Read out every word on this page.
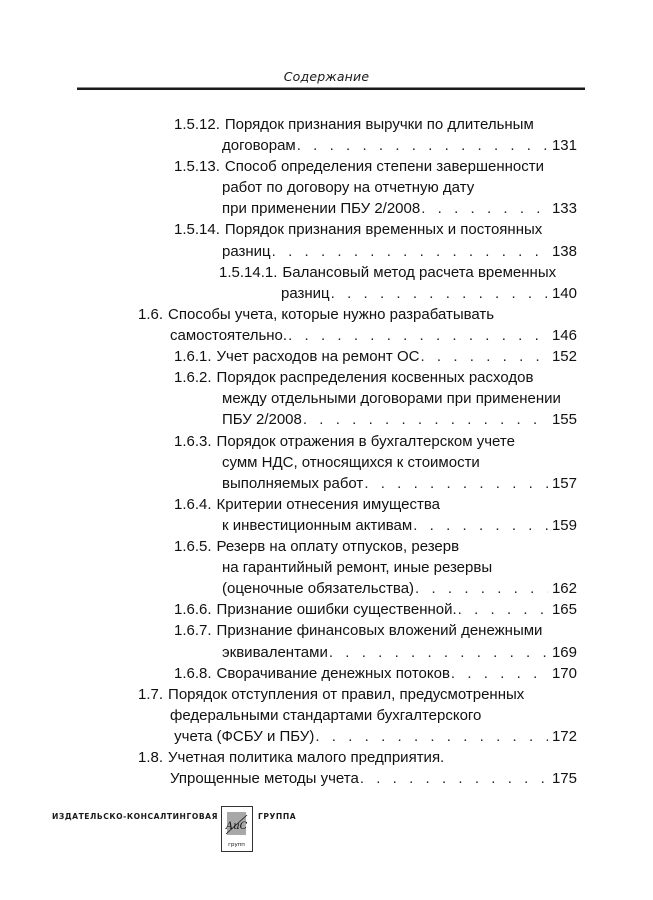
Содержание
1.5.12. Порядок признания выручки по длительным
договорам . . .	131
1.5.13. Способ определения степени завершенности
работ по договору на отчетную дату
при применении ПБУ 2/2008 . . .	133
1.5.14. Порядок признания временных и постоянных
разниц . . .	138
1.5.14.1. Балансовый метод расчета временных
разниц . . .	140
1.6. Способы учета, которые нужно разрабатывать
самостоятельно. . . .	146
1.6.1. Учет расходов на ремонт ОС . . .	152
1.6.2. Порядок распределения косвенных расходов
между отдельными договорами при применении
ПБУ 2/2008 . . .	155
1.6.3. Порядок отражения в бухгалтерском учете
сумм НДС, относящихся к стоимости
выполняемых работ . . .	157
1.6.4. Критерии отнесения имущества
к инвестиционным активам . . .	159
1.6.5. Резерв на оплату отпусков, резерв
на гарантийный ремонт, иные резервы
(оценочные обязательства) . . .	162
1.6.6. Признание ошибки существенной. . . .	165
1.6.7. Признание финансовых вложений денежными
эквивалентами . . .	169
1.6.8. Сворачивание денежных потоков . . .	170
1.7. Порядок отступления от правил, предусмотренных
федеральными стандартами бухгалтерского
учета (ФСБУ и ПБУ) . . .	172
1.8. Учетная политика малого предприятия.
Упрощенные методы учета . . .	175
ИЗДАТЕЛЬСКО-КОНСАЛТИНГОВАЯ
АиС
групп
ГРУППА
